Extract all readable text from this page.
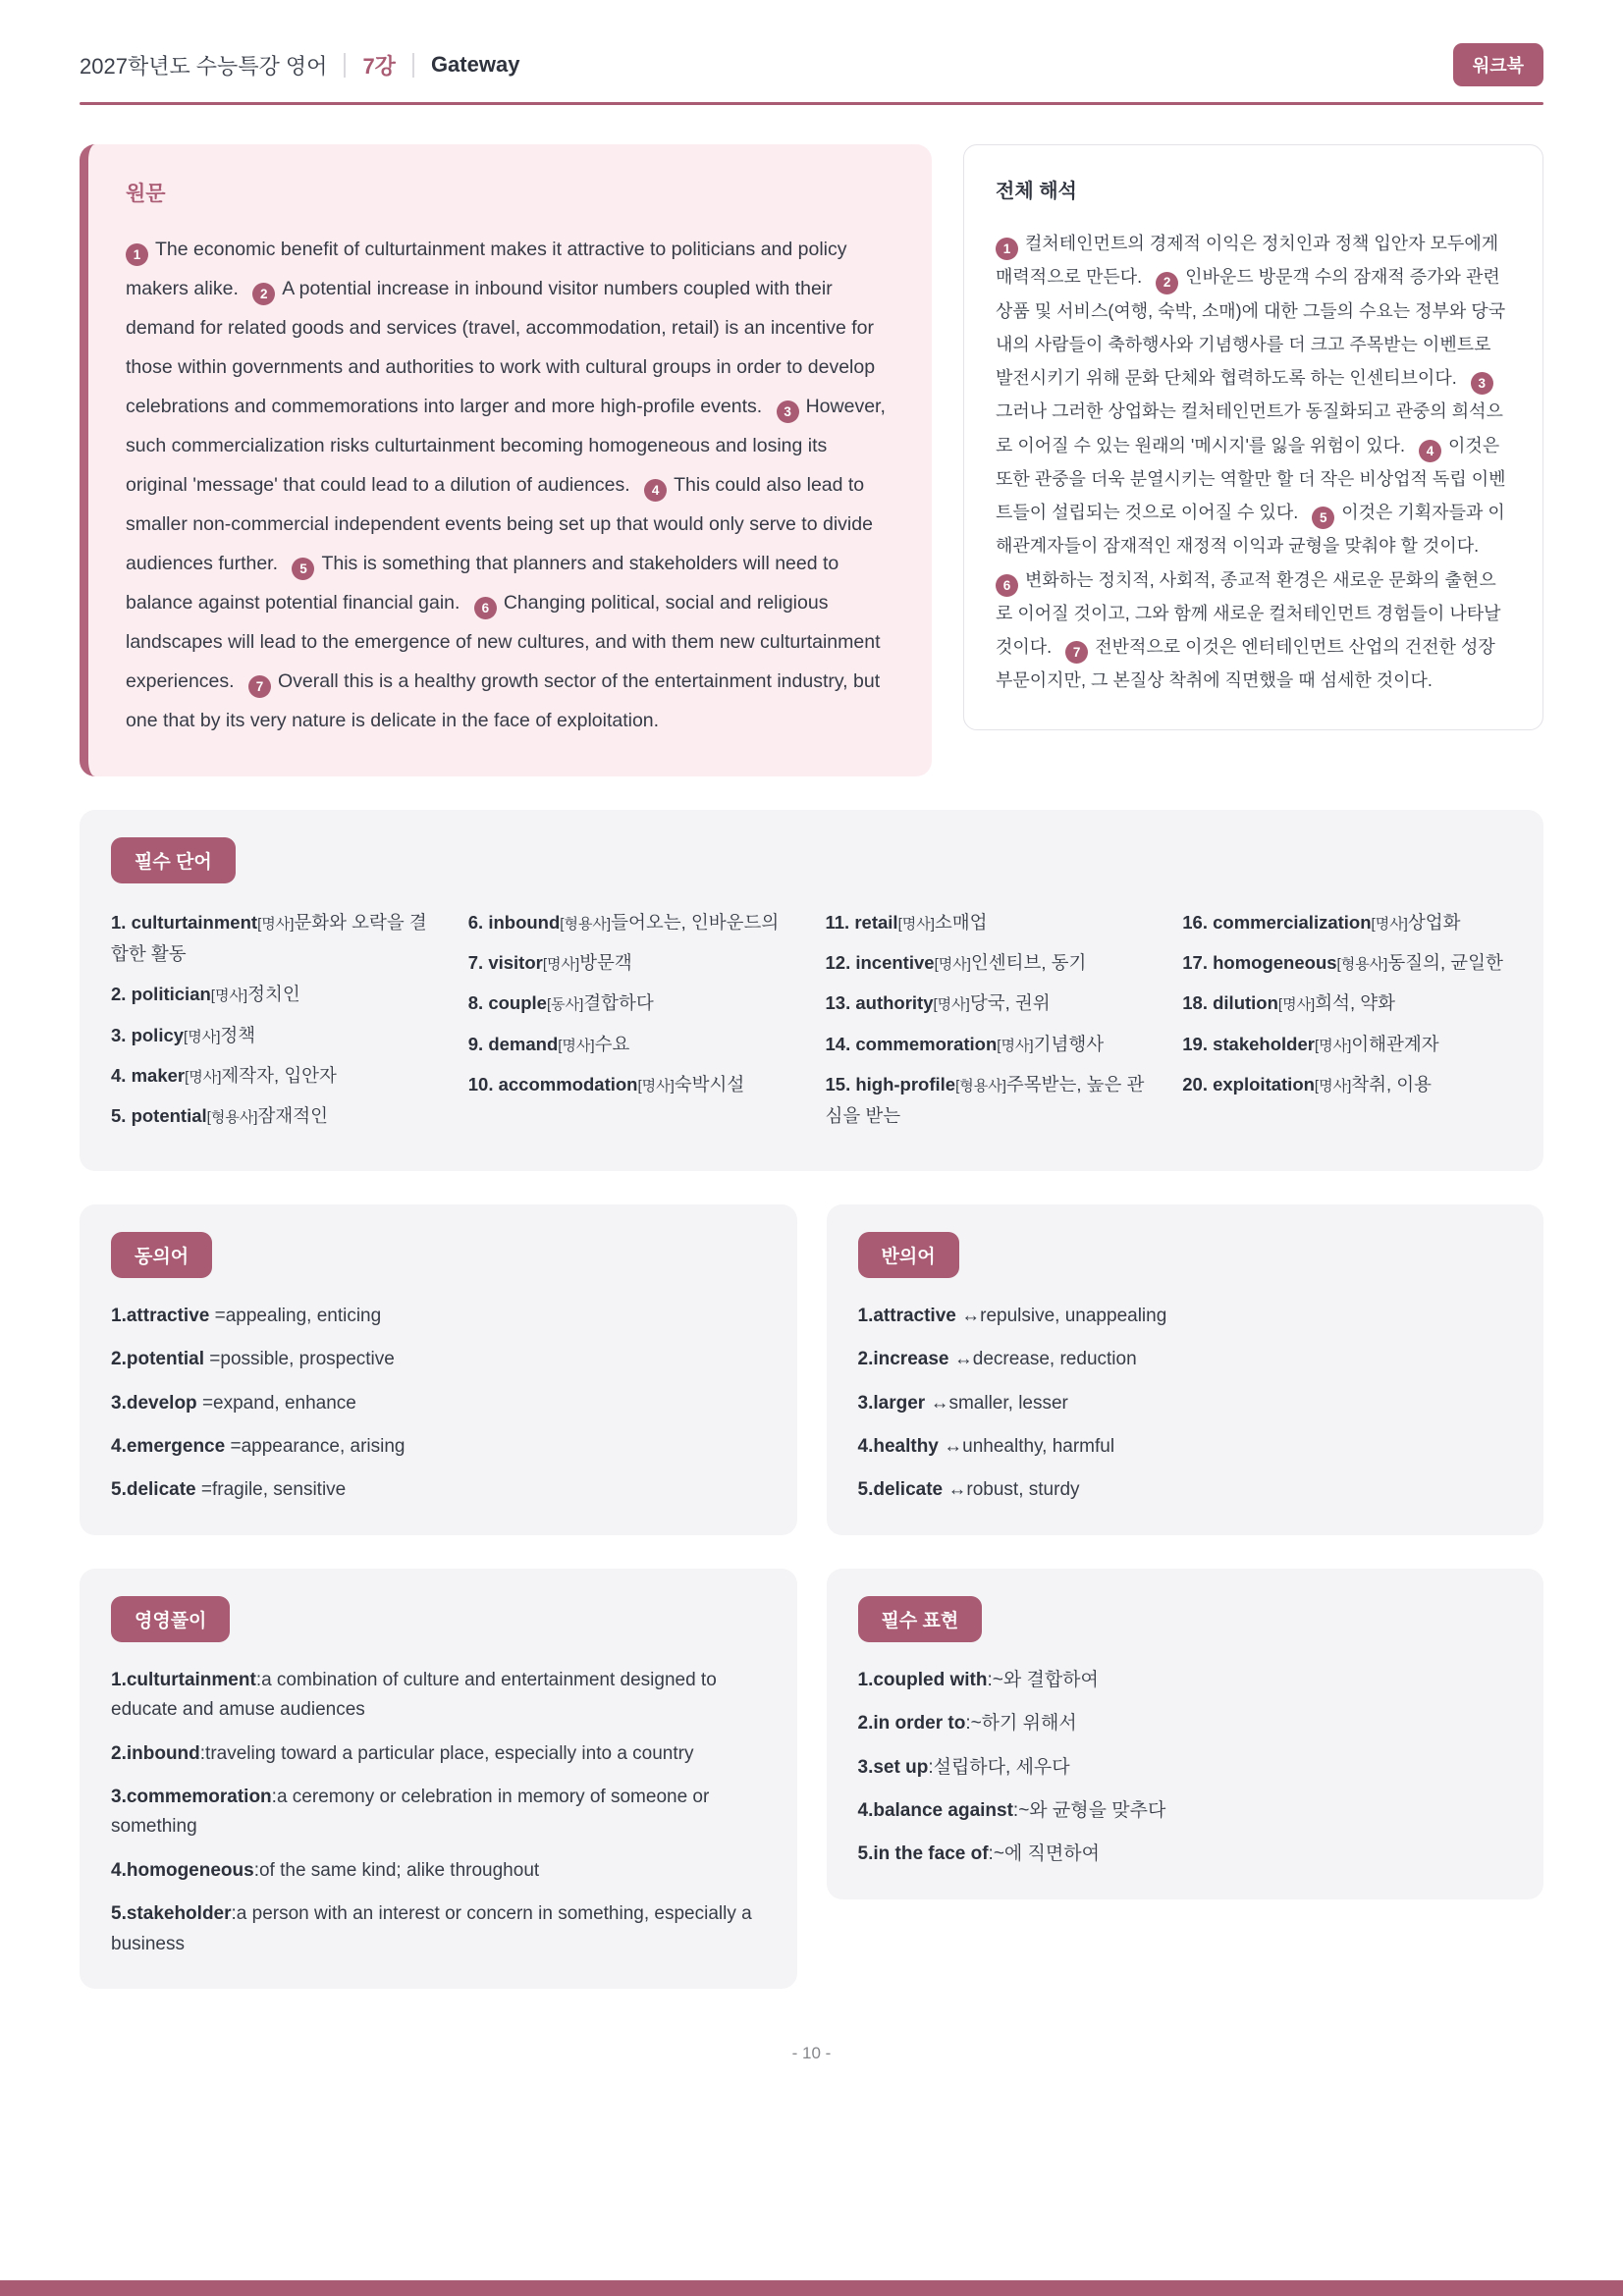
2027학년도 수능특강 영어 7강 Gateway	워크북

원문

1 The economic benefit of culturtainment makes it attractive to politicians and policy makers alike. 2 A potential increase in inbound visitor numbers coupled with their demand for related goods and services (travel, accommodation, retail) is an incentive for those within governments and authorities to work with cultural groups in order to develop celebrations and commemorations into larger and more high-profile events. 3 However, such commercialization risks culturtainment becoming homogeneous and losing its original 'message' that could lead to a dilution of audiences. 4 This could also lead to smaller non-commercial independent events being set up that would only serve to divide audiences further. 5 This is something that planners and stakeholders will need to balance against potential financial gain. 6 Changing political, social and religious landscapes will lead to the emergence of new cultures, and with them new culturtainment experiences. 7 Overall this is a healthy growth sector of the entertainment industry, but one that by its very nature is delicate in the face of exploitation.

전체 해석

1 컬처테인먼트의 경제적 이익은 정치인과 정책 입안자 모두에게 매력적으로 만든다. 2 인바운드 방문객 수의 잠재적 증가와 관련 상품 및 서비스(여행, 숙박, 소매)에 대한 그들의 수요는 정부와 당국 내의 사람들이 축하행사와 기념행사를 더 크고 주목받는 이벤트로 발전시키기 위해 문화 단체와 협력하도록 하는 인센티브이다. 3그러나 그러한 상업화는 컬처테인먼트가 동질화되고 관중의 희석으로 이어질 수 있는 원래의 '메시지'를 잃을 위험이 있다. 4 이것은 또한 관중을 더욱 분열시키는 역할만 할 더 작은 비상업적 독립 이벤트들이 설립되는 것으로 이어질 수 있다. 5 이것은 기획자들과 이해관계자들이 잠재적인 재정적 이익과 균형을 맞춰야 할 것이다. 6 변화하는 정치적, 사회적, 종교적 환경은 새로운 문화의 출현으로 이어질 것이고, 그와 함께 새로운 컬처테인먼트 경험들이 나타날 것이다. 7 전반적으로 이것은 엔터테인먼트 산업의 건전한 성장 부문이지만, 그 본질상 착취에 직면했을 때 섬세한 것이다.

필수 단어
1. culturtainment[명사]문화와 오락을 결합한 활동
2. politician[명사]정치인
3. policy[명사]정책
4. maker[명사]제작자, 입안자
5. potential[형용사]잠재적인
6. inbound[형용사]들어오는, 인바운드의
7. visitor[명사]방문객
8. couple[동사]결합하다
9. demand[명사]수요
10. accommodation[명사]숙박시설
11. retail[명사]소매업
12. incentive[명사]인센티브, 동기
13. authority[명사]당국, 권위
14. commemoration[명사]기념행사
15. high-profile[형용사]주목받는, 높은 관심을 받는
16. commercialization[명사]상업화
17. homogeneous[형용사]동질의, 균일한
18. dilution[명사]희석, 약화
19. stakeholder[명사]이해관계자
20. exploitation[명사]착취, 이용
동의어
1.attractive =appealing, enticing
2.potential =possible, prospective
3.develop =expand, enhance
4.emergence =appearance, arising
5.delicate =fragile, sensitive
반의어
1.attractive ↔repulsive, unappealing
2.increase ↔decrease, reduction
3.larger ↔smaller, lesser
4.healthy ↔unhealthy, harmful
5.delicate ↔robust, sturdy
영영풀이
1.culturtainment:a combination of culture and entertainment designed to educate and amuse audiences
2.inbound:traveling toward a particular place, especially into a country
3.commemoration:a ceremony or celebration in memory of someone or something
4.homogeneous:of the same kind; alike throughout
5.stakeholder:a person with an interest or concern in something, especially a business
필수 표현
1.coupled with:~와 결합하여
2.in order to:~하기 위해서
3.set up:설립하다, 세우다
4.balance against:~와 균형을 맞추다
5.in the face of:~에 직면하여
- 10 -
